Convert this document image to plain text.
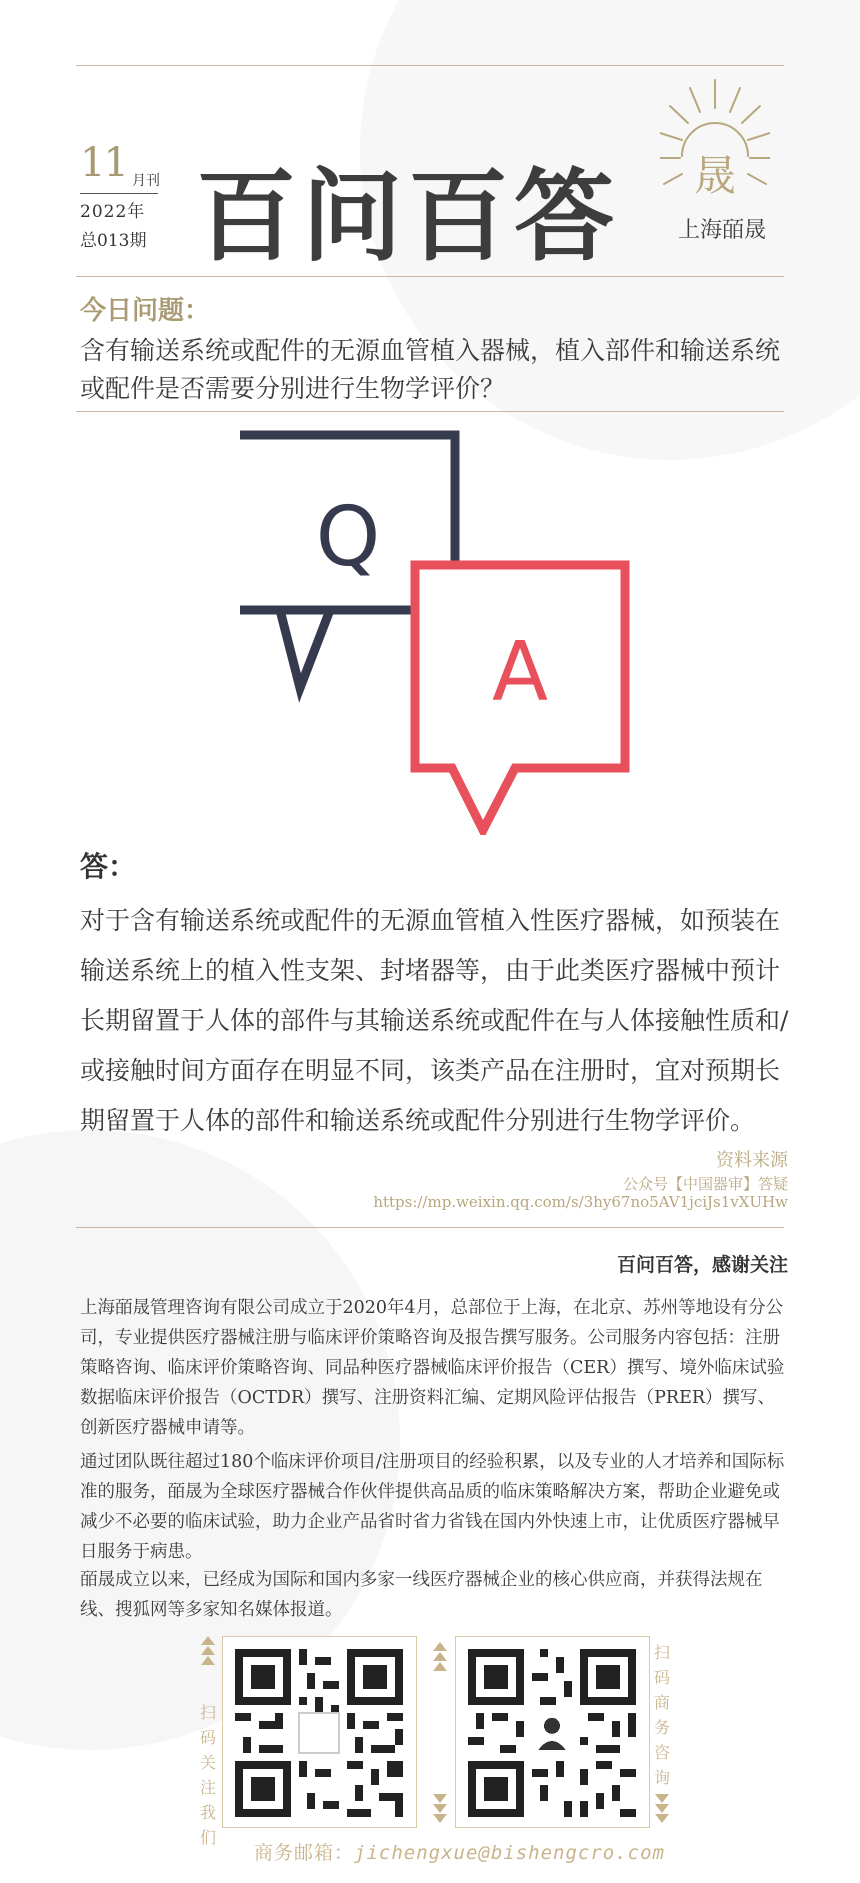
11 月刊
2022年
总013期 百问百答 晟
上海皕晟
今日问题：
含有输送系统或配件的无源血管植入器械，植入部件和输送系统或配件是否需要分别进行生物学评价？
Q
A
答：
对于含有输送系统或配件的无源血管植入性医疗器械，如预装在输送系统上的植入性支架、封堵器等，由于此类医疗器械中预计长期留置于人体的部件与其输送系统或配件在与人体接触性质和/或接触时间方面存在明显不同，该类产品在注册时，宜对预期长期留置于人体的部件和输送系统或配件分别进行生物学评价。
资料来源
公众号【中国器审】答疑
https://mp.weixin.qq.com/s/3hy67no5AV1jciJs1vXUHw
百问百答，感谢关注

上海皕晟管理咨询有限公司成立于2020年4月，总部位于上海，在北京、苏州等地设有分公司，专业提供医疗器械注册与临床评价策略咨询及报告撰写服务。公司服务内容包括：注册策略咨询、临床评价策略咨询、同品种医疗器械临床评价报告（CER）撰写、境外临床试验数据临床评价报告（OCTDR）撰写、注册资料汇编、定期风险评估报告（PRER）撰写、创新医疗器械申请等。

通过团队既往超过180个临床评价项目/注册项目的经验积累，以及专业的人才培养和国际标准的服务，皕晟为全球医疗器械合作伙伴提供高品质的临床策略解决方案，帮助企业避免或减少不必要的临床试验，助力企业产品省时省力省钱在国内外快速上市，让优质医疗器械早日服务于病患。

皕晟成立以来，已经成为国际和国内多家一线医疗器械企业的核心供应商，并获得法规在线、搜狐网等多家知名媒体报道。

扫码关注我们
扫码商务咨询
商务邮箱：jichengxue@bishengcro.com
